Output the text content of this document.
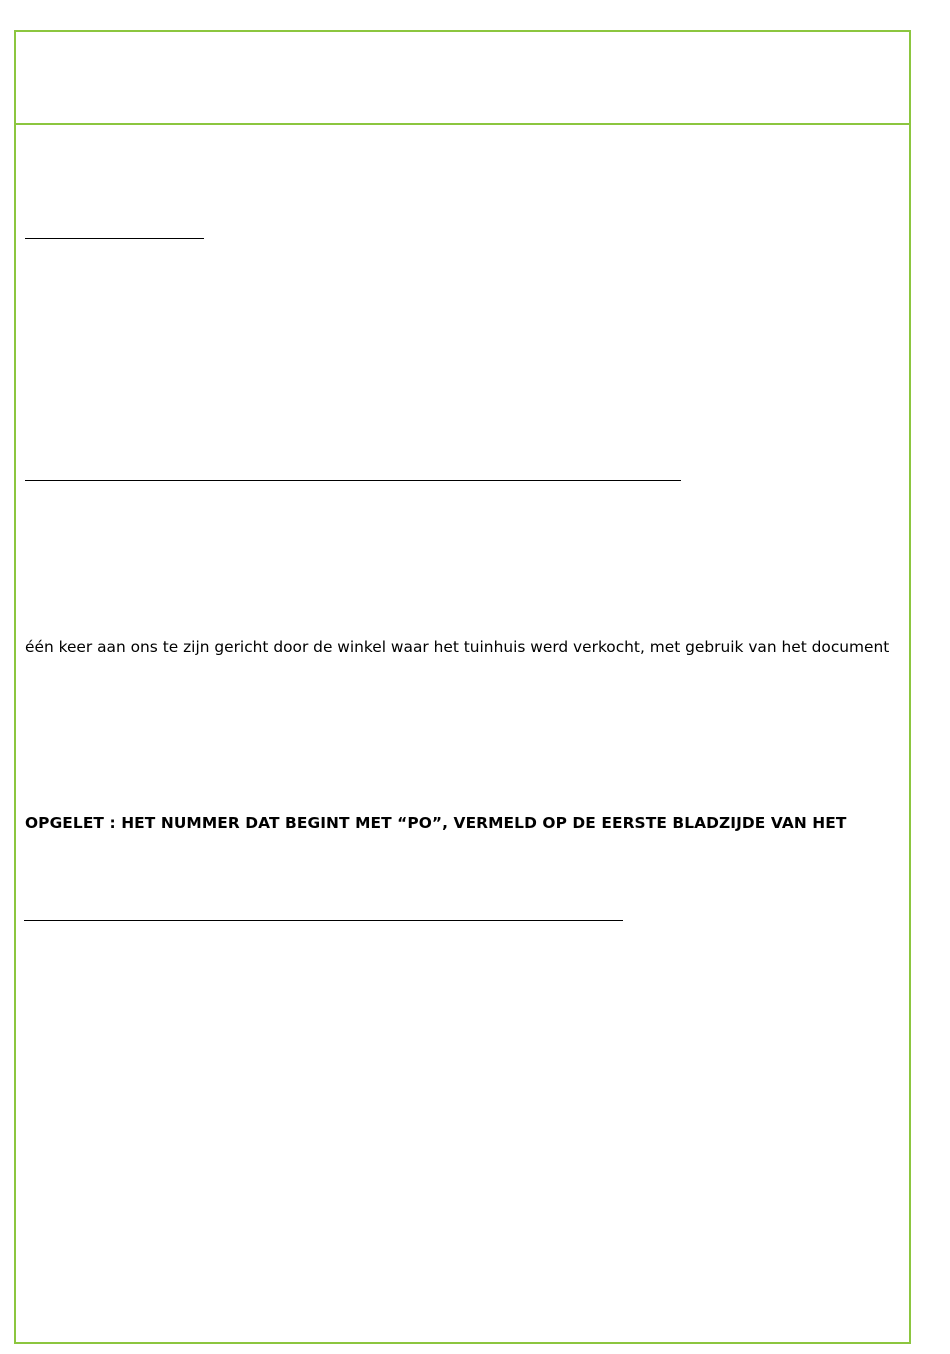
één keer aan ons te zijn gericht door de winkel waar het tuinhuis werd verkocht, met gebruik van het document
OPGELET : HET NUMMER DAT BEGINT MET “PO”, VERMELD OP DE EERSTE BLADZIJDE VAN HET
